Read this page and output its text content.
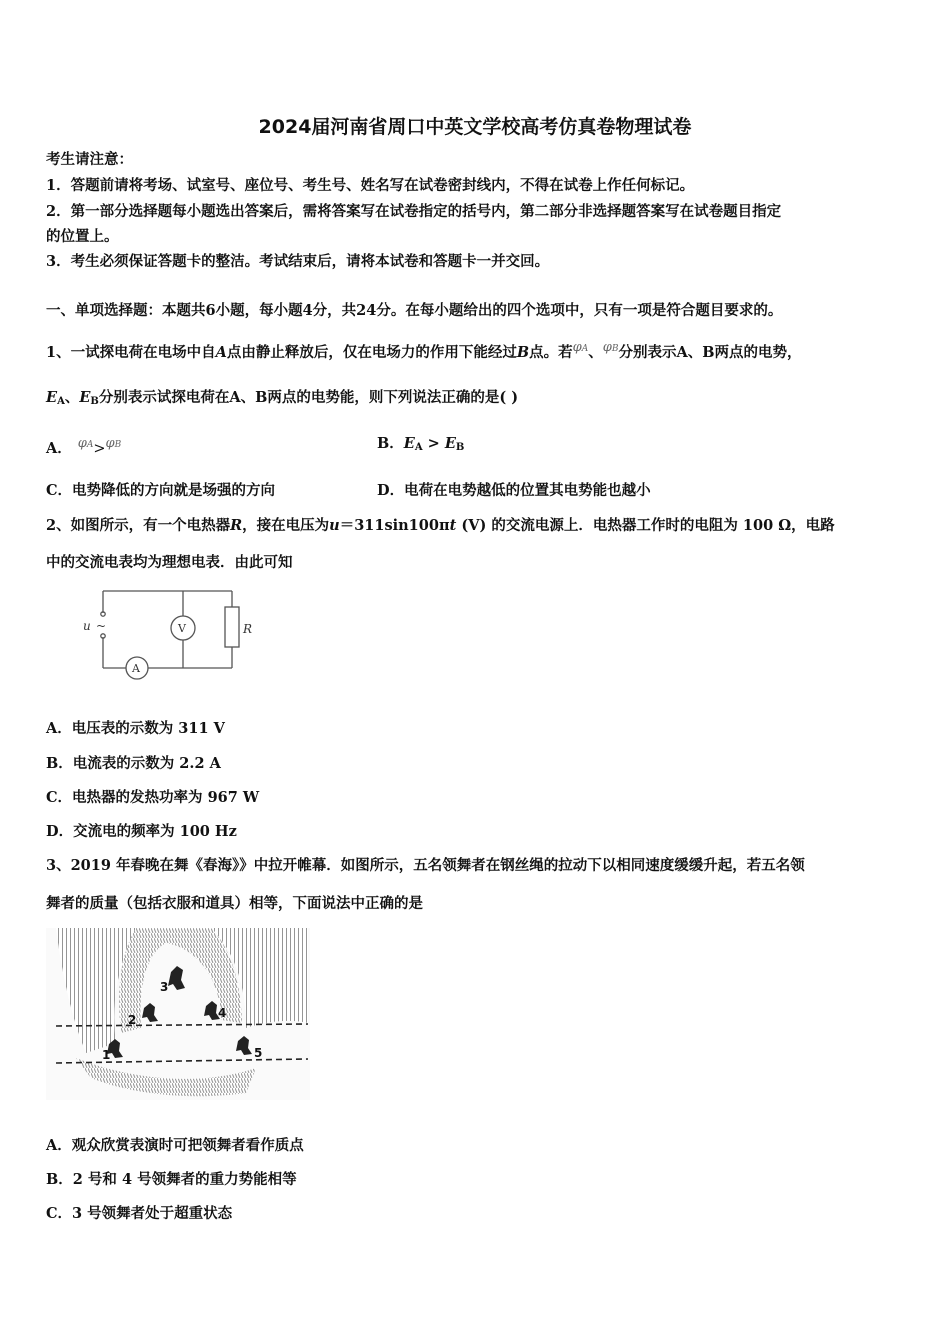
2024届河南省周口中英文学校高考仿真卷物理试卷
考生请注意：
1．答题前请将考场、试室号、座位号、考生号、姓名写在试卷密封线内，不得在试卷上作任何标记。
2．第一部分选择题每小题选出答案后，需将答案写在试卷指定的括号内，第二部分非选择题答案写在试卷题目指定
的位置上。
3．考生必须保证答题卡的整洁。考试结束后，请将本试卷和答题卡一并交回。
一、单项选择题：本题共6小题，每小题4分，共24分。在每小题给出的四个选项中，只有一项是符合题目要求的。
1、一试探电荷在电场中自A点由静止释放后，仅在电场力的作用下能经过B点。若φA、φB分别表示A、B两点的电势，
$E_A$、$E_B$分别表示试探电荷在A、B两点的电势能，则下列说法正确的是( )
A． φA>φB	B．$E_A > E_B$
C．电势降低的方向就是场强的方向	D．电荷在电势越低的位置其电势能也越小
2、如图所示，有一个电热器R，接在电压为u＝311sin100πt (V) 的交流电源上．电热器工作时的电阻为 100 Ω，电路
中的交流电表均为理想电表．由此可知
u ~	V
A
R
A．电压表的示数为 311 V
B．电流表的示数为 2.2 A
C．电热器的发热功率为 967 W
D．交流电的频率为 100 Hz
3、2019 年春晚在舞《春海》》中拉开帷幕．如图所示，五名领舞者在钢丝绳的拉动下以相同速度缓缓升起，若五名领
舞者的质量（包括衣服和道具）相等，下面说法中正确的是
3
2	4
1	5
A．观众欣赏表演时可把领舞者看作质点
B．2 号和 4 号领舞者的重力势能相等
C．3 号领舞者处于超重状态
